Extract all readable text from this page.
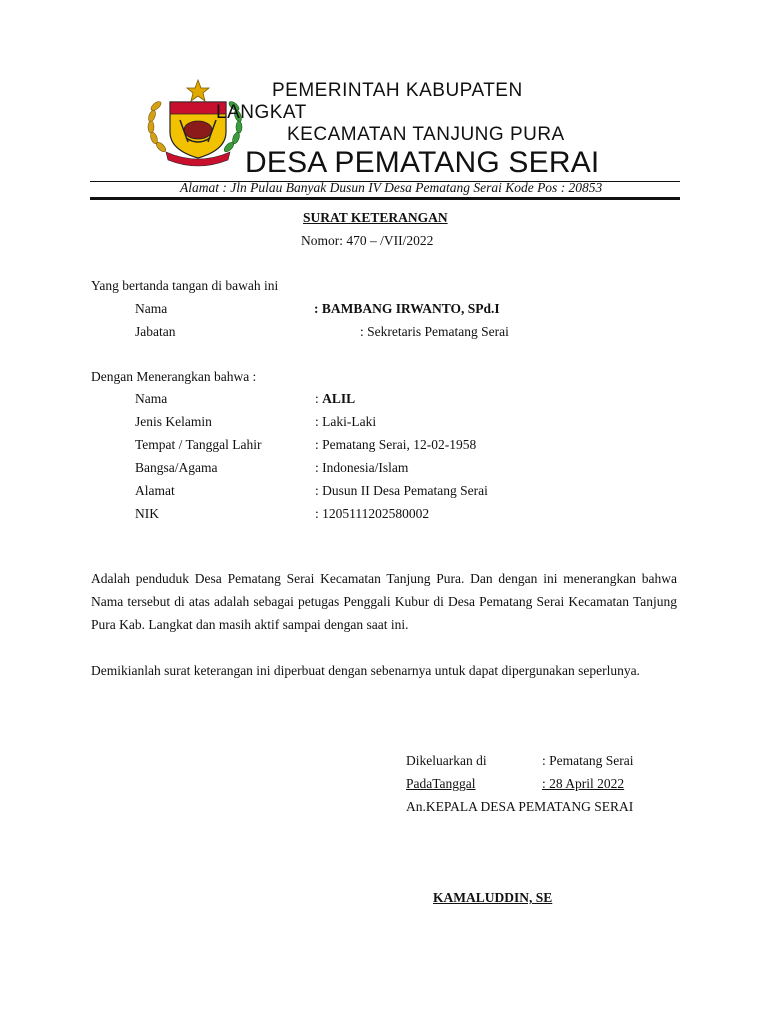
PEMERINTAH KABUPATEN
LANGKAT
KECAMATAN TANJUNG PURA
DESA PEMATANG SERAI
Alamat : Jln Pulau Banyak Dusun IV Desa Pematang Serai Kode Pos : 20853
SURAT KETERANGAN
Nomor: 470 – /VII/2022
Yang bertanda tangan di bawah ini
Nama	: BAMBANG IRWANTO, SPd.I
Jabatan	: Sekretaris Pematang Serai
Dengan Menerangkan bahwa :
Nama	: ALIL
Jenis Kelamin	: Laki-Laki
Tempat / Tanggal Lahir	: Pematang Serai, 12-02-1958
Bangsa/Agama	: Indonesia/Islam
Alamat	: Dusun II Desa Pematang Serai
NIK	: 1205111202580002
Adalah penduduk Desa Pematang Serai Kecamatan Tanjung Pura. Dan dengan ini menerangkan bahwa Nama tersebut di atas adalah sebagai petugas Penggali Kubur di Desa Pematang Serai Kecamatan Tanjung Pura Kab. Langkat dan masih aktif sampai dengan saat ini.
Demikianlah surat keterangan ini diperbuat dengan sebenarnya untuk dapat dipergunakan seperlunya.
Dikeluarkan di	: Pematang Serai
PadaTanggal	: 28 April 2022
An.KEPALA DESA PEMATANG SERAI
KAMALUDDIN, SE
